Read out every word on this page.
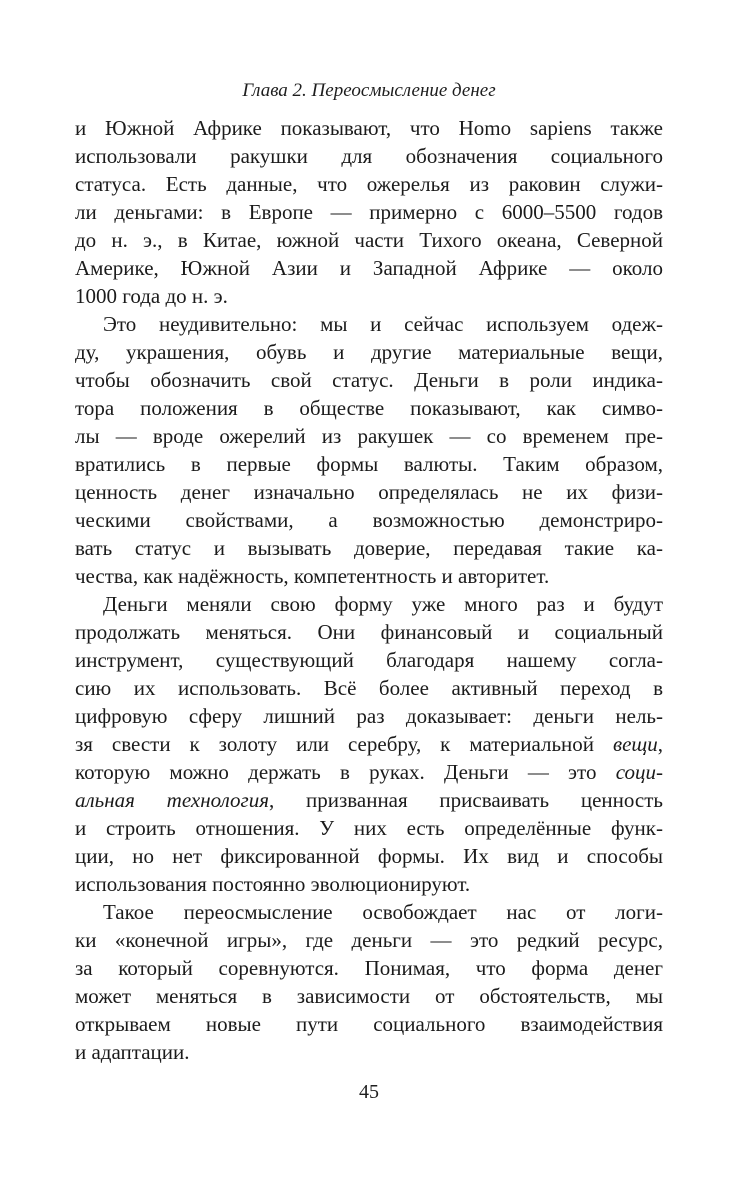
Глава 2. Переосмысление денег
и Южной Африке показывают, что Homo sapiens также
использовали ракушки для обозначения социального
статуса. Есть данные, что ожерелья из раковин служи-
ли деньгами: в Европе — примерно с 6000–5500 годов
до н. э., в Китае, южной части Тихого океана, Северной
Америке, Южной Азии и Западной Африке — около
1000 года до н. э.
Это неудивительно: мы и сейчас используем одеж-
ду, украшения, обувь и другие материальные вещи,
чтобы обозначить свой статус. Деньги в роли индика-
тора положения в обществе показывают, как симво-
лы — вроде ожерелий из ракушек — со временем пре-
вратились в первые формы валюты. Таким образом,
ценность денег изначально определялась не их физи-
ческими свойствами, а возможностью демонстриро-
вать статус и вызывать доверие, передавая такие ка-
чества, как надёжность, компетентность и авторитет.
Деньги меняли свою форму уже много раз и будут
продолжать меняться. Они финансовый и социальный
инструмент, существующий благодаря нашему согла-
сию их использовать. Всё более активный переход в
цифровую сферу лишний раз доказывает: деньги нель-
зя свести к золоту или серебру, к материальной вещи,
которую можно держать в руках. Деньги — это соци-
альная технология, призванная присваивать ценность
и строить отношения. У них есть определённые функ-
ции, но нет фиксированной формы. Их вид и способы
использования постоянно эволюционируют.
Такое переосмысление освобождает нас от логи-
ки «конечной игры», где деньги — это редкий ресурс,
за который соревнуются. Понимая, что форма денег
может меняться в зависимости от обстоятельств, мы
открываем новые пути социального взаимодействия
и адаптации.
45
